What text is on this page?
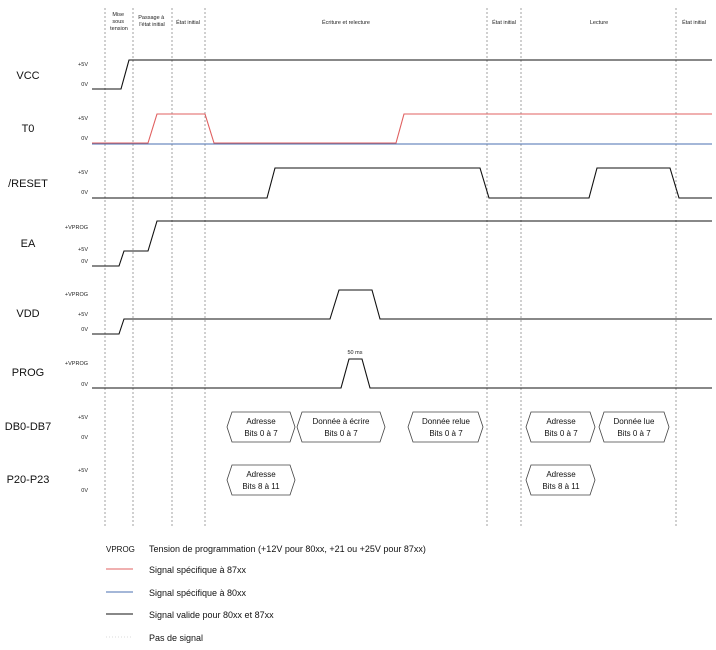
Mise sous tension
Passage à l'état initial État initial	Écriture et relecture	État initial	Lecture	État initial
VCC
T0
/RESET
EA
VDD
PROG
DB0-DB7
P20-P23
+5V
0V
+5V
0V
+5V
0V
+VPROG
+5V
0V
+VPROG
+5V
0V
+VPROG
0V
+5V
0V
+5V
0V
50 ms
Adresse
Bits 0 à 7
Donnée à écrire
Bits 0 à 7
Donnée relue
Bits 0 à 7
Adresse
Bits 0 à 7
Donnée lue
Bits 0 à 7
Adresse
Bits 8 à 11
Adresse
Bits 8 à 11
VPROG Tension de programmation (+12V pour 80xx, +21 ou +25V pour 87xx)
Signal spécifique à 87xx
Signal spécifique à 80xx
Signal valide pour 80xx et 87xx
Pas de signal
